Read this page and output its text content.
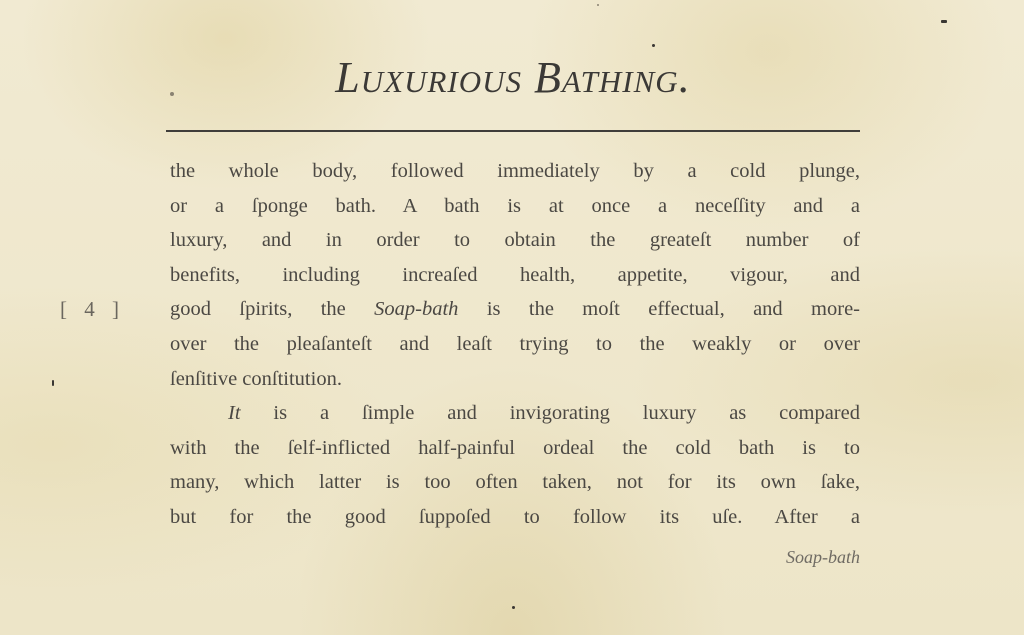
Luxurious Bathing.
[ 4 ]
the whole body, followed immediately by a cold plunge,
or a ſponge bath. A bath is at once a neceſſity and a
luxury, and in order to obtain the greateſt number of
benefits, including increaſed health, appetite, vigour, and
good ſpirits, the Soap-bath is the moſt effectual, and more-
over the pleaſanteſt and leaſt trying to the weakly or over
ſenſitive conſtitution.
It is a ſimple and invigorating luxury as compared
with the ſelf-inflicted half-painful ordeal the cold bath is to
many, which latter is too often taken, not for its own ſake,
but for the good ſuppoſed to follow its uſe. After a
Soap-bath
